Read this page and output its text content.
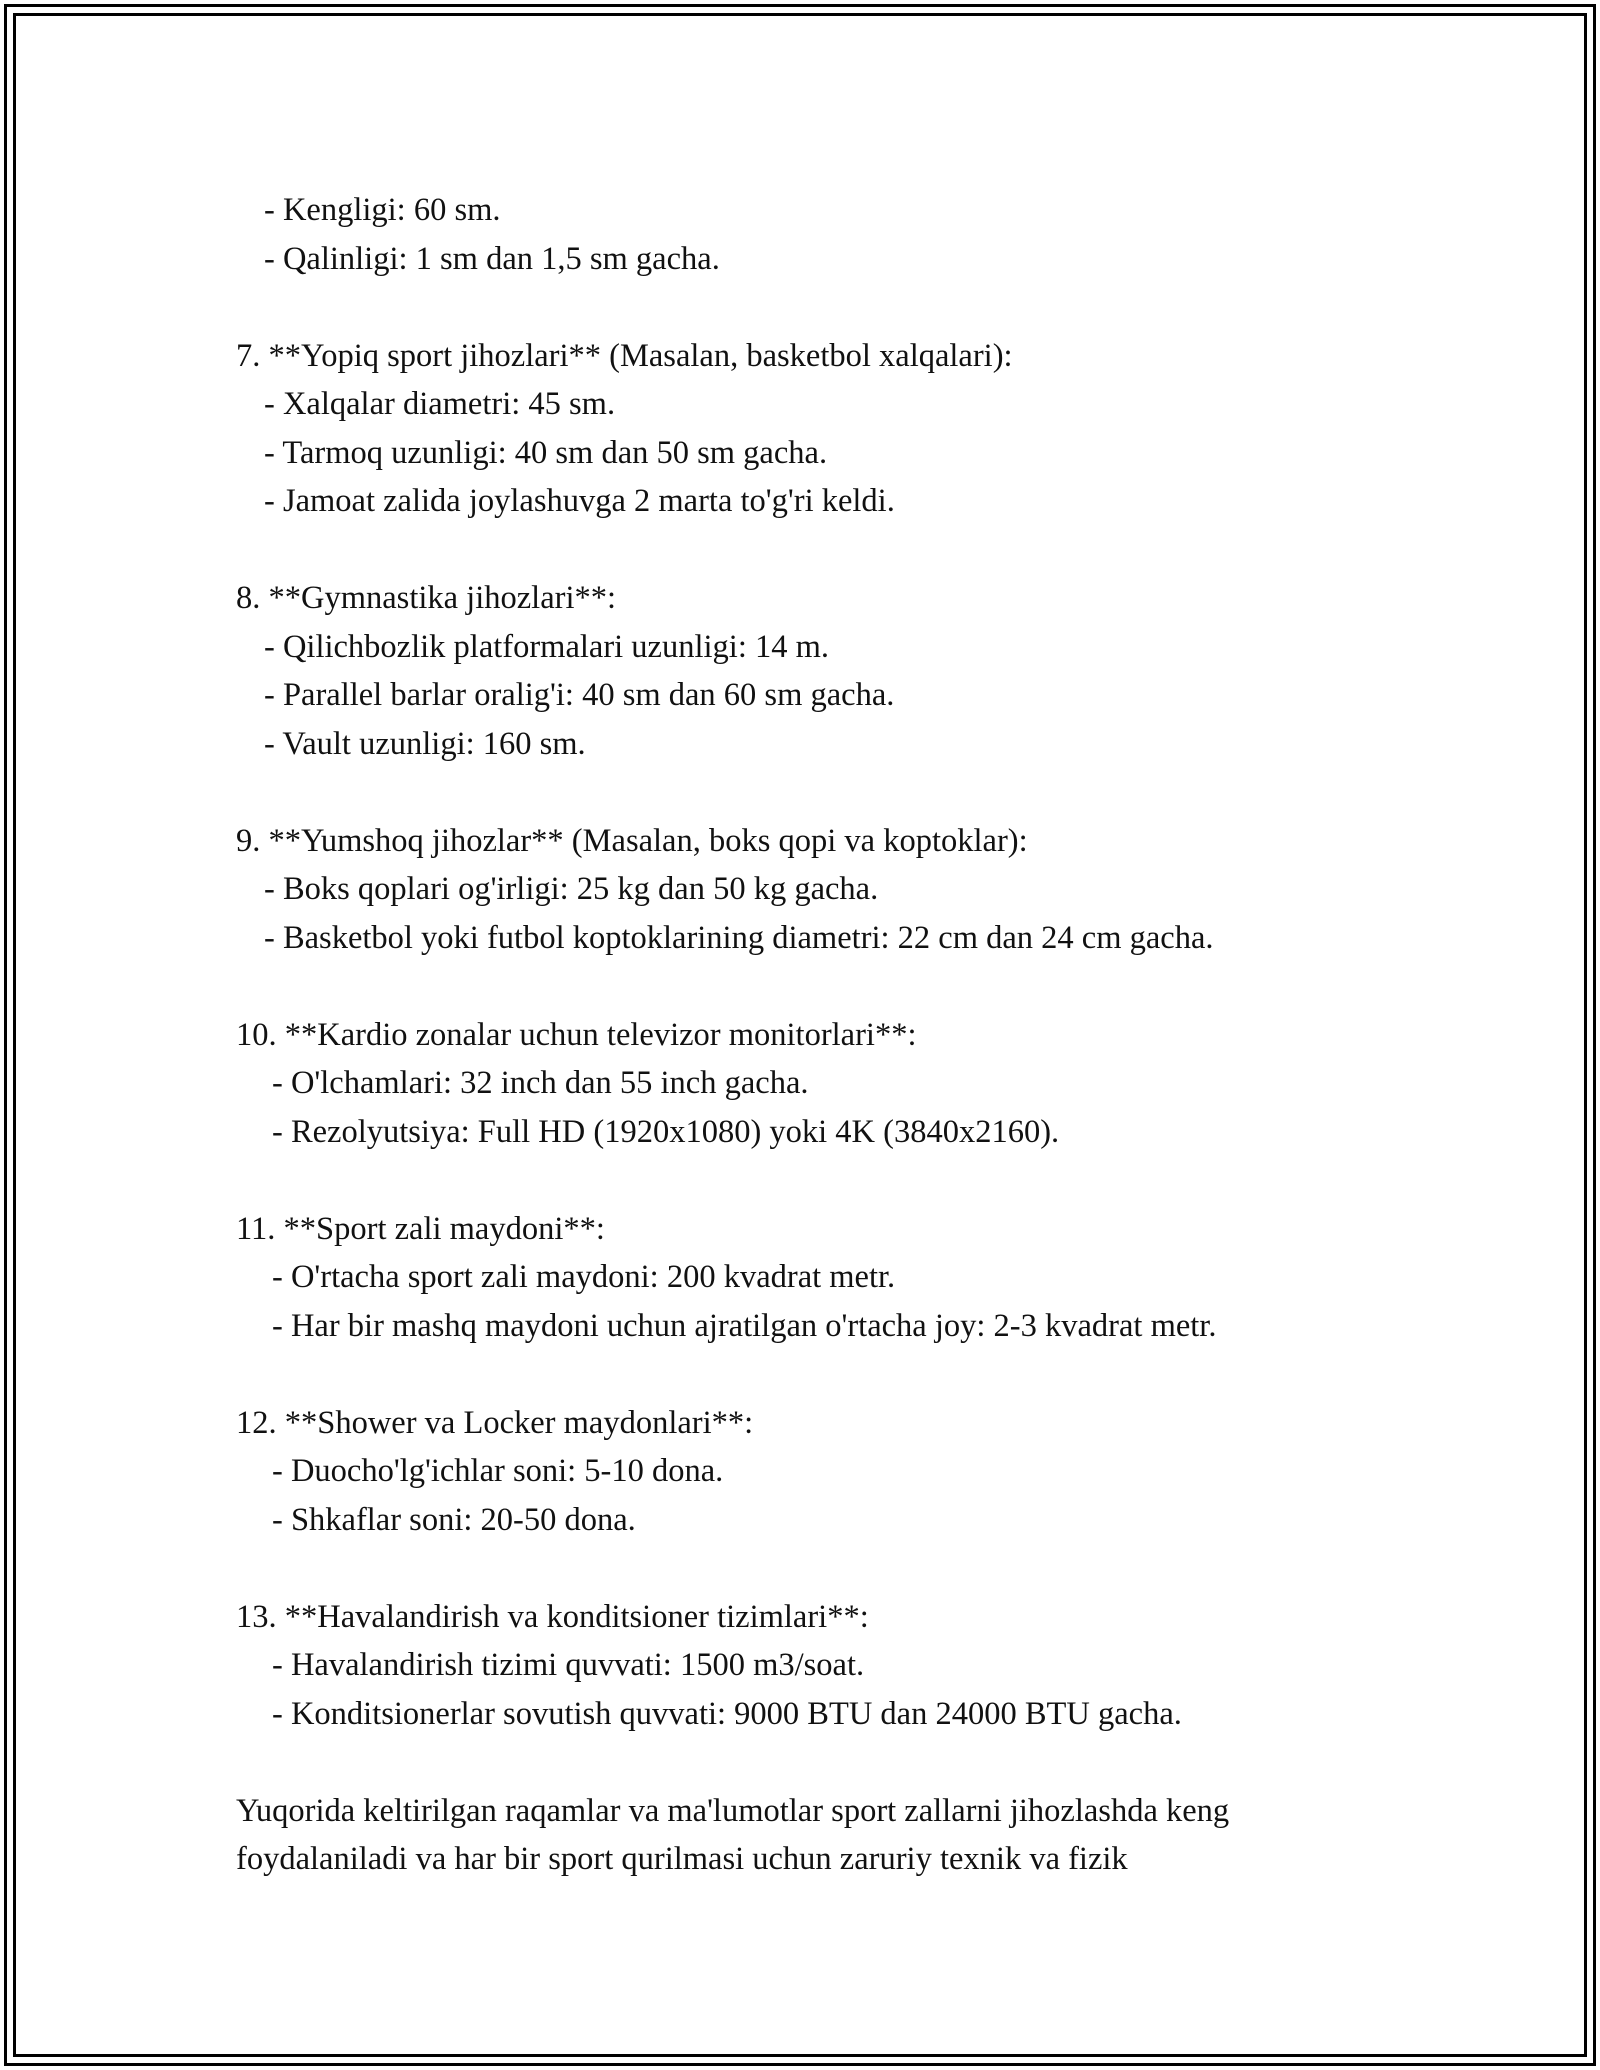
- Kengligi: 60 sm.
- Qalinligi: 1 sm dan 1,5 sm gacha.
7. **Yopiq sport jihozlari** (Masalan, basketbol xalqalari):
- Xalqalar diametri: 45 sm.
- Tarmoq uzunligi: 40 sm dan 50 sm gacha.
- Jamoat zalida joylashuvga 2 marta to'g'ri keldi.
8. **Gymnastika jihozlari**:
- Qilichbozlik platformalari uzunligi: 14 m.
- Parallel barlar oralig'i: 40 sm dan 60 sm gacha.
- Vault uzunligi: 160 sm.
9. **Yumshoq jihozlar** (Masalan, boks qopi va koptoklar):
- Boks qoplari og'irligi: 25 kg dan 50 kg gacha.
- Basketbol yoki futbol koptoklarining diametri: 22 cm dan 24 cm gacha.
10. **Kardio zonalar uchun televizor monitorlari**:
- O'lchamlari: 32 inch dan 55 inch gacha.
- Rezolyutsiya: Full HD (1920x1080) yoki 4K (3840x2160).
11. **Sport zali maydoni**:
- O'rtacha sport zali maydoni: 200 kvadrat metr.
- Har bir mashq maydoni uchun ajratilgan o'rtacha joy: 2-3 kvadrat metr.
12. **Shower va Locker maydonlari**:
- Duocho'lg'ichlar soni: 5-10 dona.
- Shkaflar soni: 20-50 dona.
13. **Havalandirish va konditsioner tizimlari**:
- Havalandirish tizimi quvvati: 1500 m3/soat.
- Konditsionerlar sovutish quvvati: 9000 BTU dan 24000 BTU gacha.
Yuqorida keltirilgan raqamlar va ma'lumotlar sport zallarni jihozlashda keng
foydalaniladi va har bir sport qurilmasi uchun zaruriy texnik va fizik
